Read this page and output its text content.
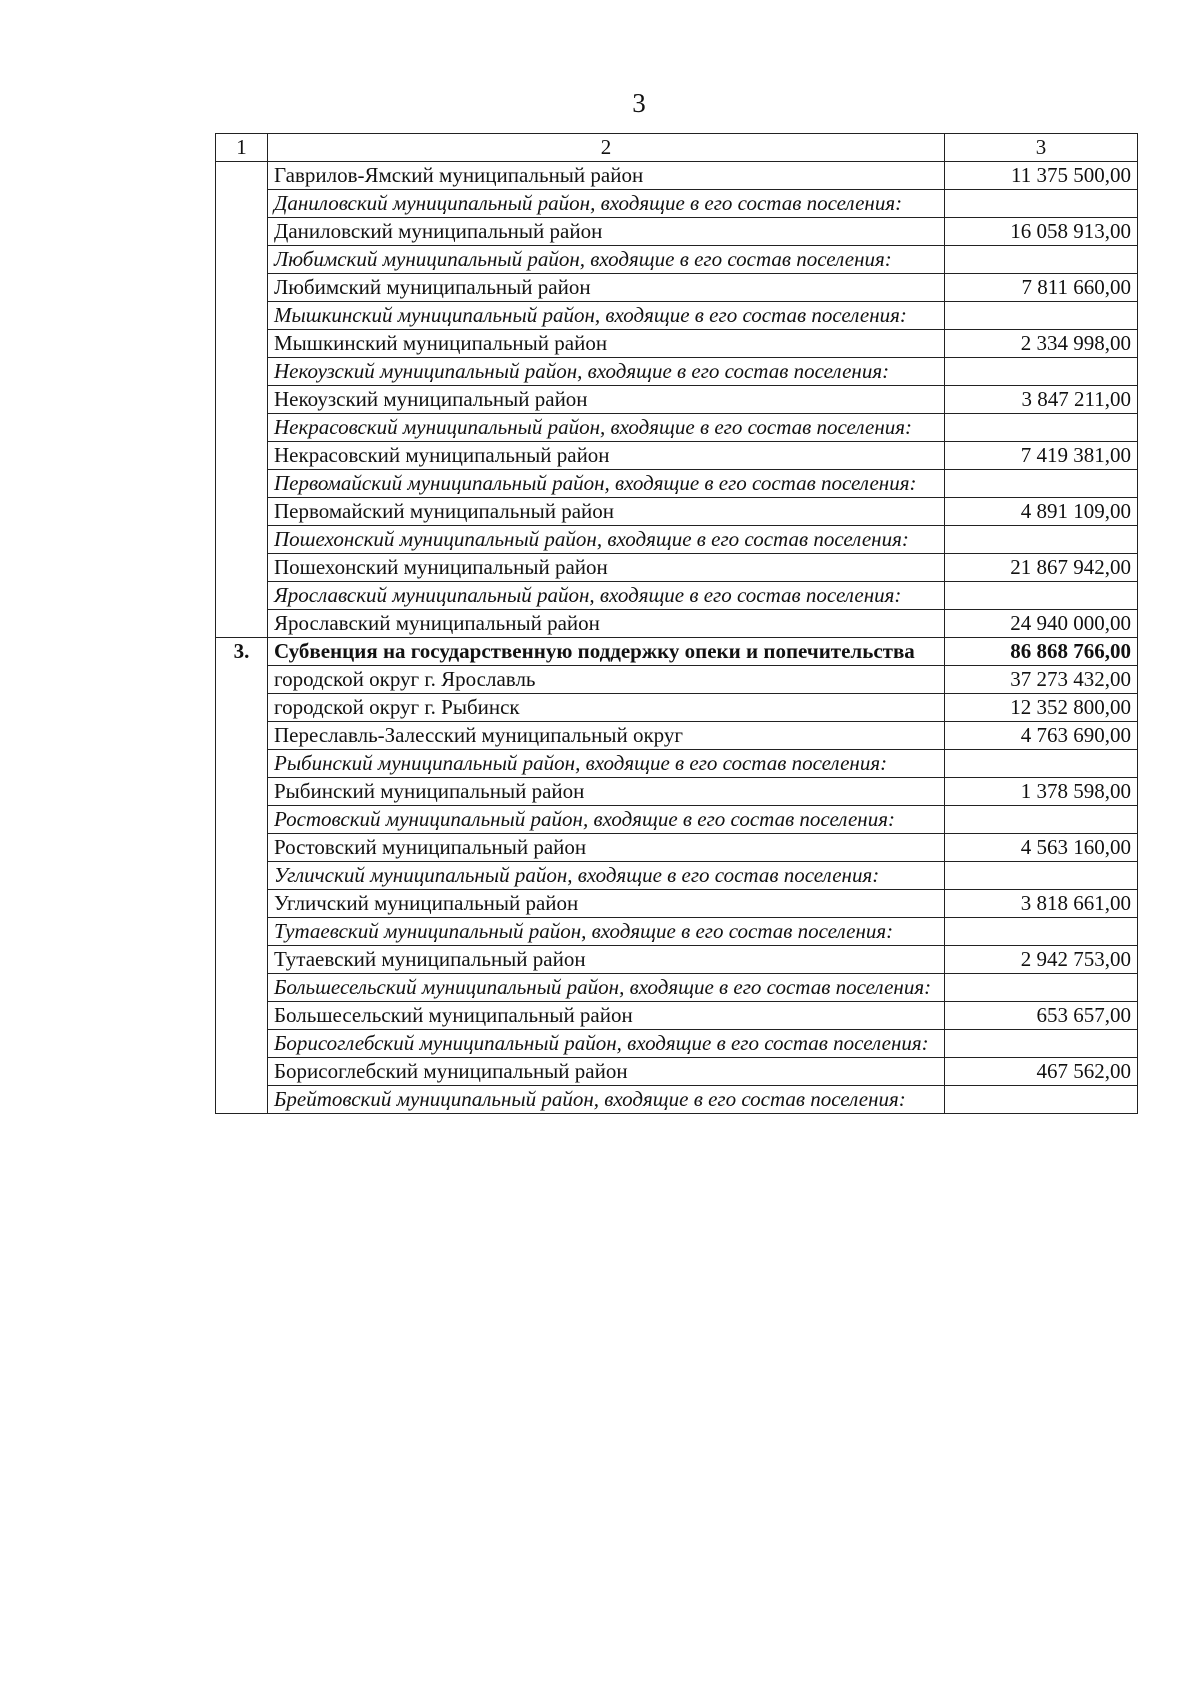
3
1	2	3
	Гаврилов-Ямский муниципальный район	11 375 500,00
	Даниловский муниципальный район, входящие в его состав поселения:	
	Даниловский муниципальный район	16 058 913,00
	Любимский муниципальный район, входящие в его состав поселения:	
	Любимский муниципальный район	7 811 660,00
	Мышкинский муниципальный район, входящие в его состав поселения:	
	Мышкинский муниципальный район	2 334 998,00
	Некоузский муниципальный район, входящие в его состав поселения:	
	Некоузский муниципальный район	3 847 211,00
	Некрасовский муниципальный район, входящие в его состав поселения:	
	Некрасовский муниципальный район	7 419 381,00
	Первомайский муниципальный район, входящие в его состав поселения:	
	Первомайский муниципальный район	4 891 109,00
	Пошехонский муниципальный район, входящие в его состав поселения:	
	Пошехонский муниципальный район	21 867 942,00
	Ярославский муниципальный район, входящие в его состав поселения:	
	Ярославский муниципальный район	24 940 000,00
3.	Субвенция на государственную поддержку опеки и попечительства	86 868 766,00
	городской округ г. Ярославль	37 273 432,00
	городской округ г. Рыбинск	12 352 800,00
	Переславль-Залесский муниципальный округ	4 763 690,00
	Рыбинский муниципальный район, входящие в его состав поселения:	
	Рыбинский муниципальный район	1 378 598,00
	Ростовский муниципальный район, входящие в его состав поселения:	
	Ростовский муниципальный район	4 563 160,00
	Угличский муниципальный район, входящие в его состав поселения:	
	Угличский муниципальный район	3 818 661,00
	Тутаевский муниципальный район, входящие в его состав поселения:	
	Тутаевский муниципальный район	2 942 753,00
	Большесельский муниципальный район, входящие в его состав поселения:	
	Большесельский муниципальный район	653 657,00
	Борисоглебский муниципальный район, входящие в его состав поселения:	
	Борисоглебский муниципальный район	467 562,00
	Брейтовский муниципальный район, входящие в его состав поселения:	
